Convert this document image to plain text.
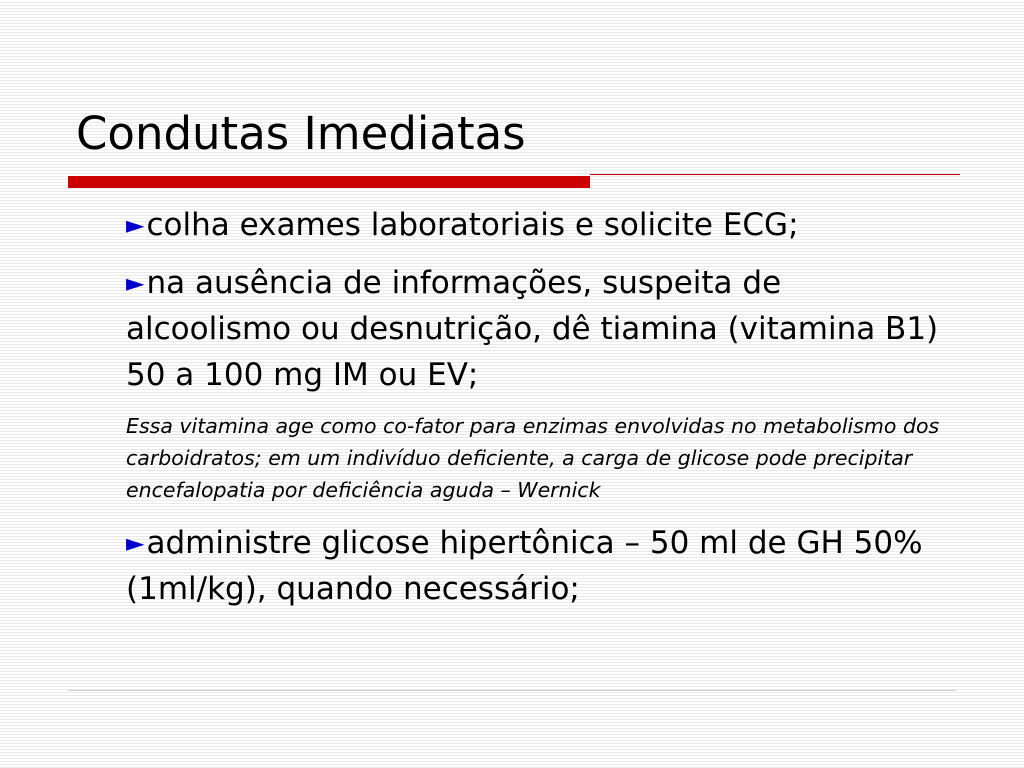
Condutas Imediatas

►colha exames laboratoriais e solicite ECG;

►na ausência de informações, suspeita de alcoolismo ou desnutrição, dê tiamina (vitamina B1) 50 a 100 mg IM ou EV;

Essa vitamina age como co-fator para enzimas envolvidas no metabolismo dos carboidratos; em um indivíduo deficiente, a carga de glicose pode precipitar encefalopatia por deficiência aguda – Wernick

►administre glicose hipertônica – 50 ml de GH 50% (1ml/kg), quando necessário;
